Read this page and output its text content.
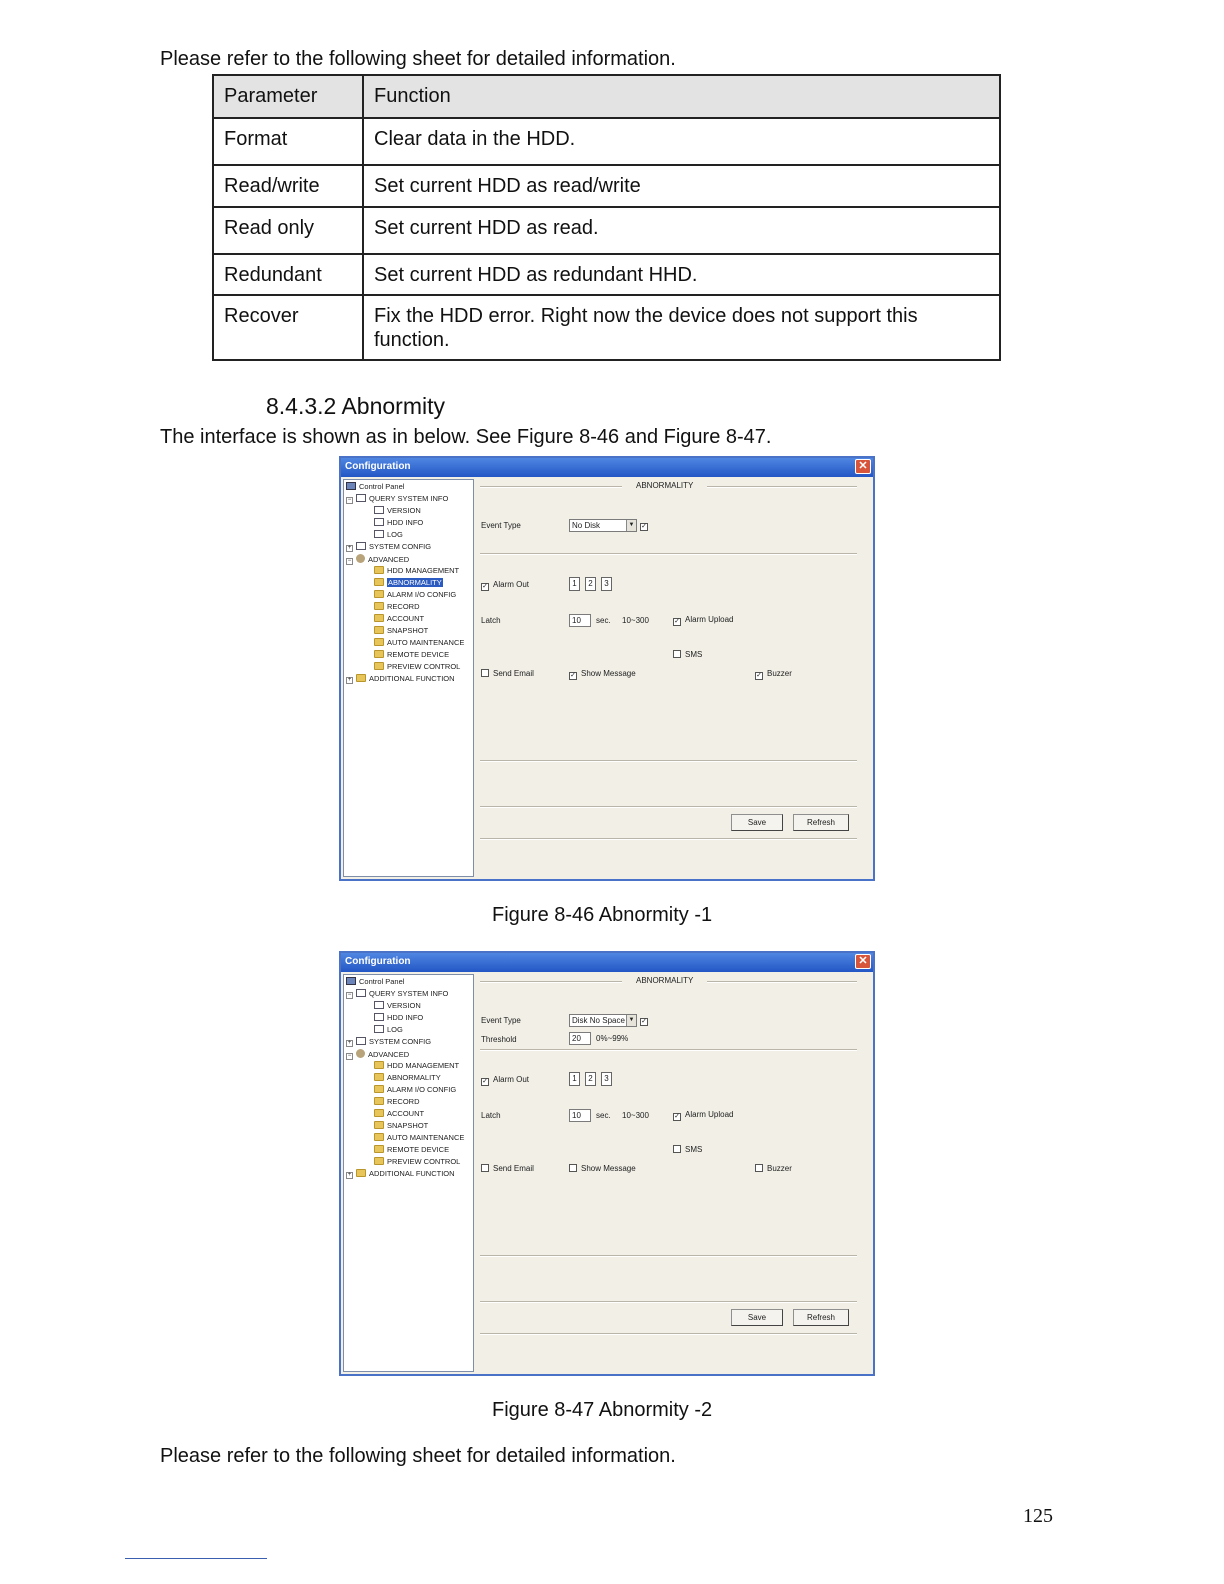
Please refer to the following sheet for detailed information.
Parameter	Function
Format	Clear data in the HDD.
Read/write	Set current HDD as read/write
Read only	Set current HDD as read.
Redundant	Set current HDD as redundant HHD.
Recover	Fix the HDD error. Right now the device does not support this function.
8.4.3.2 Abnormity
The interface is shown as in below. See Figure 8-46 and Figure 8-47.
Configuration	✕
Control Panel
− QUERY SYSTEM INFO
VERSION
HDD INFO
LOG
+ SYSTEM CONFIG
− ADVANCED
HDD MANAGEMENT
ABNORMALITY
ALARM I/O CONFIG
RECORD
ACCOUNT
SNAPSHOT
AUTO MAINTENANCE
REMOTE DEVICE
PREVIEW CONTROL
+ ADDITIONAL FUNCTION
ABNORMALITY
Event Type	No Disk	▼ ✓
✓ Alarm Out	1	2	3
Latch	10	sec. 10~300	✓ Alarm Upload
SMS
Send Email	✓ Show Message	✓ Buzzer
Save	Refresh
Figure 8-46 Abnormity -1
Configuration	✕
Control Panel
− QUERY SYSTEM INFO
VERSION
HDD INFO
LOG
+ SYSTEM CONFIG
− ADVANCED
HDD MANAGEMENT
ABNORMALITY
ALARM I/O CONFIG
RECORD
ACCOUNT
SNAPSHOT
AUTO MAINTENANCE
REMOTE DEVICE
PREVIEW CONTROL
+ ADDITIONAL FUNCTION
ABNORMALITY
Event Type	Disk No Space ▼ ✓
Threshold	20	0%~99%
✓ Alarm Out	1	2	3
Latch	10	sec. 10~300	✓ Alarm Upload
SMS
Send Email	Show Message	Buzzer
Save	Refresh
Figure 8-47 Abnormity -2
Please refer to the following sheet for detailed information.
125
